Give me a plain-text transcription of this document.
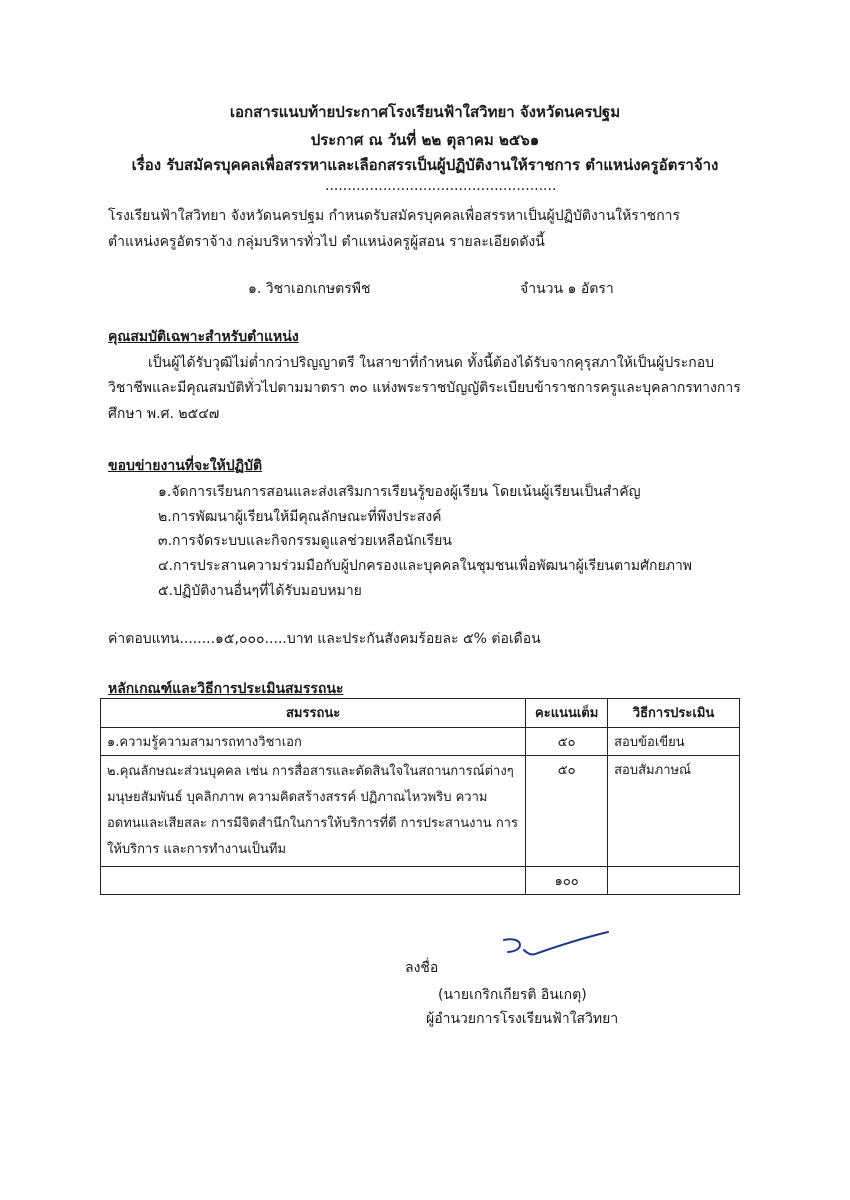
เอกสารแนบท้ายประกาศโรงเรียนฟ้าใสวิทยา จังหวัดนครปฐม
ประกาศ ณ วันที่ ๒๒ ตุลาคม ๒๕๖๑
เรื่อง รับสมัครบุคคลเพื่อสรรหาและเลือกสรรเป็นผู้ปฏิบัติงานให้ราชการ ตำแหน่งครูอัตราจ้าง
....................................................
โรงเรียนฟ้าใสวิทยา จังหวัดนครปฐม กำหนดรับสมัครบุคคลเพื่อสรรหาเป็นผู้ปฏิบัติงานให้ราชการ
ตำแหน่งครูอัตราจ้าง กลุ่มบริหารทั่วไป ตำแหน่งครูผู้สอน รายละเอียดดังนี้
๑. วิชาเอกเกษตรพืช	จำนวน ๑ อัตรา
คุณสมบัติเฉพาะสำหรับตำแหน่ง
เป็นผู้ได้รับวุฒิไม่ต่ำกว่าปริญญาตรี ในสาขาที่กำหนด ทั้งนี้ต้องได้รับจากคุรุสภาให้เป็นผู้ประกอบ
วิชาชีพและมีคุณสมบัติทั่วไปตามมาตรา ๓๐ แห่งพระราชบัญญัติระเบียบข้าราชการครูและบุคลากรทางการ
ศึกษา พ.ศ. ๒๕๔๗
ขอบข่ายงานที่จะให้ปฏิบัติ
๑.จัดการเรียนการสอนและส่งเสริมการเรียนรู้ของผู้เรียน โดยเน้นผู้เรียนเป็นสำคัญ
๒.การพัฒนาผู้เรียนให้มีคุณลักษณะที่พึงประสงค์
๓.การจัดระบบและกิจกรรมดูแลช่วยเหลือนักเรียน
๔.การประสานความร่วมมือกับผู้ปกครองและบุคคลในชุมชนเพื่อพัฒนาผู้เรียนตามศักยภาพ
๕.ปฏิบัติงานอื่นๆที่ได้รับมอบหมาย
ค่าตอบแทน........๑๕,๐๐๐.....บาท และประกันสังคมร้อยละ ๕% ต่อเดือน
หลักเกณฑ์และวิธีการประเมินสมรรถนะ
สมรรถนะ	คะแนนเต็ม	วิธีการประเมิน
๑.ความรู้ความสามารถทางวิชาเอก	๕๐	สอบข้อเขียน
๒.คุณลักษณะส่วนบุคคล เช่น การสื่อสารและตัดสินใจในสถานการณ์ต่างๆ มนุษยสัมพันธ์ บุคลิกภาพ ความคิดสร้างสรรค์ ปฏิภาณไหวพริบ ความอดทนและเสียสละ การมีจิตสำนึกในการให้บริการที่ดี การประสานงาน การให้บริการ และการทำงานเป็นทีม	๕๐	สอบสัมภาษณ์
	๑๐๐	
ลงชื่อ
(นายเกริกเกียรติ อินเกตุ)
ผู้อำนวยการโรงเรียนฟ้าใสวิทยา
